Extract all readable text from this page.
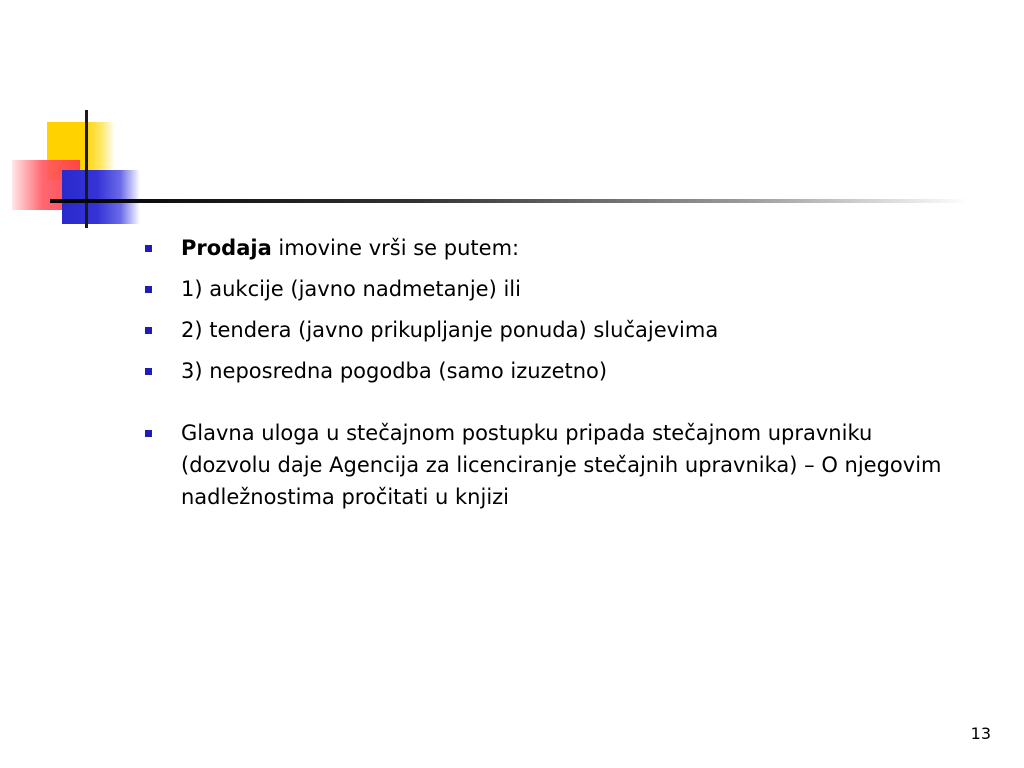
Prodaja imovine vrši se putem:
1) aukcije (javno nadmetanje) ili
2) tendera (javno prikupljanje ponuda) slučajevima
3) neposredna pogodba (samo izuzetno)
Glavna uloga u stečajnom postupku pripada stečajnom upravniku (dozvolu daje Agencija za licenciranje stečajnih upravnika) – O njegovim nadležnostima pročitati u knjizi
13
